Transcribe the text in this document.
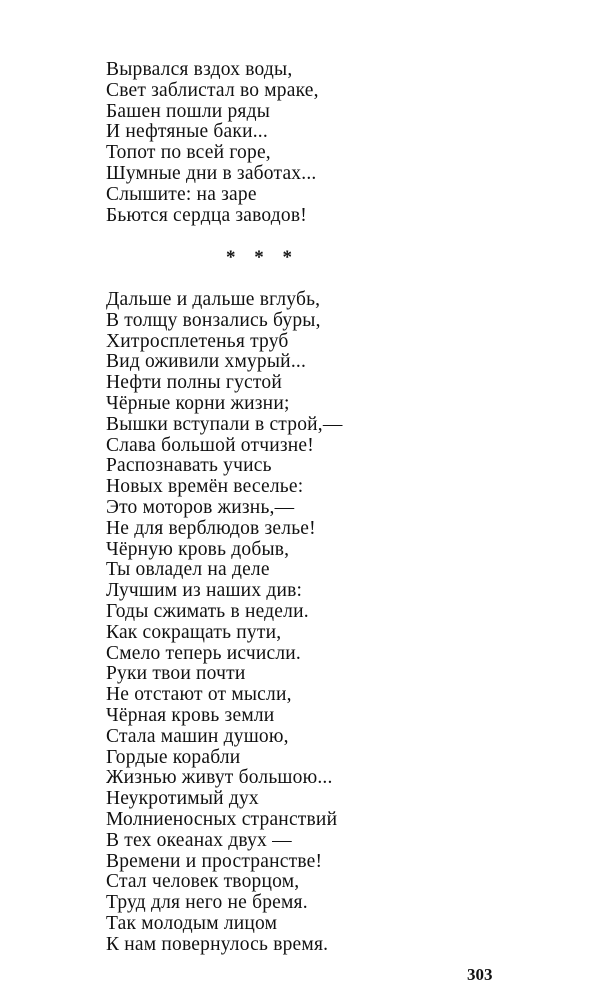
Вырвался вздох воды,
Свет заблистал во мраке,
Башен пошли ряды
И нефтяные баки...
Топот по всей горе,
Шумные дни в заботах...
Слышите: на заре
Бьются сердца заводов!
* * *
Дальше и дальше вглубь,
В толщу вонзались буры,
Хитросплетенья труб
Вид оживили хмурый...
Нефти полны густой
Чёрные корни жизни;
Вышки вступали в строй,—
Слава большой отчизне!
Распознавать учись
Новых времён веселье:
Это моторов жизнь,—
Не для верблюдов зелье!
Чёрную кровь добыв,
Ты овладел на деле
Лучшим из наших див:
Годы сжимать в недели.
Как сокращать пути,
Смело теперь исчисли.
Руки твои почти
Не отстают от мысли,
Чёрная кровь земли
Стала машин душою,
Гордые корабли
Жизнью живут большою...
Неукротимый дух
Молниеносных странствий
В тех океанах двух —
Времени и пространстве!
Стал человек творцом,
Труд для него не бремя.
Так молодым лицом
К нам повернулось время.
303
